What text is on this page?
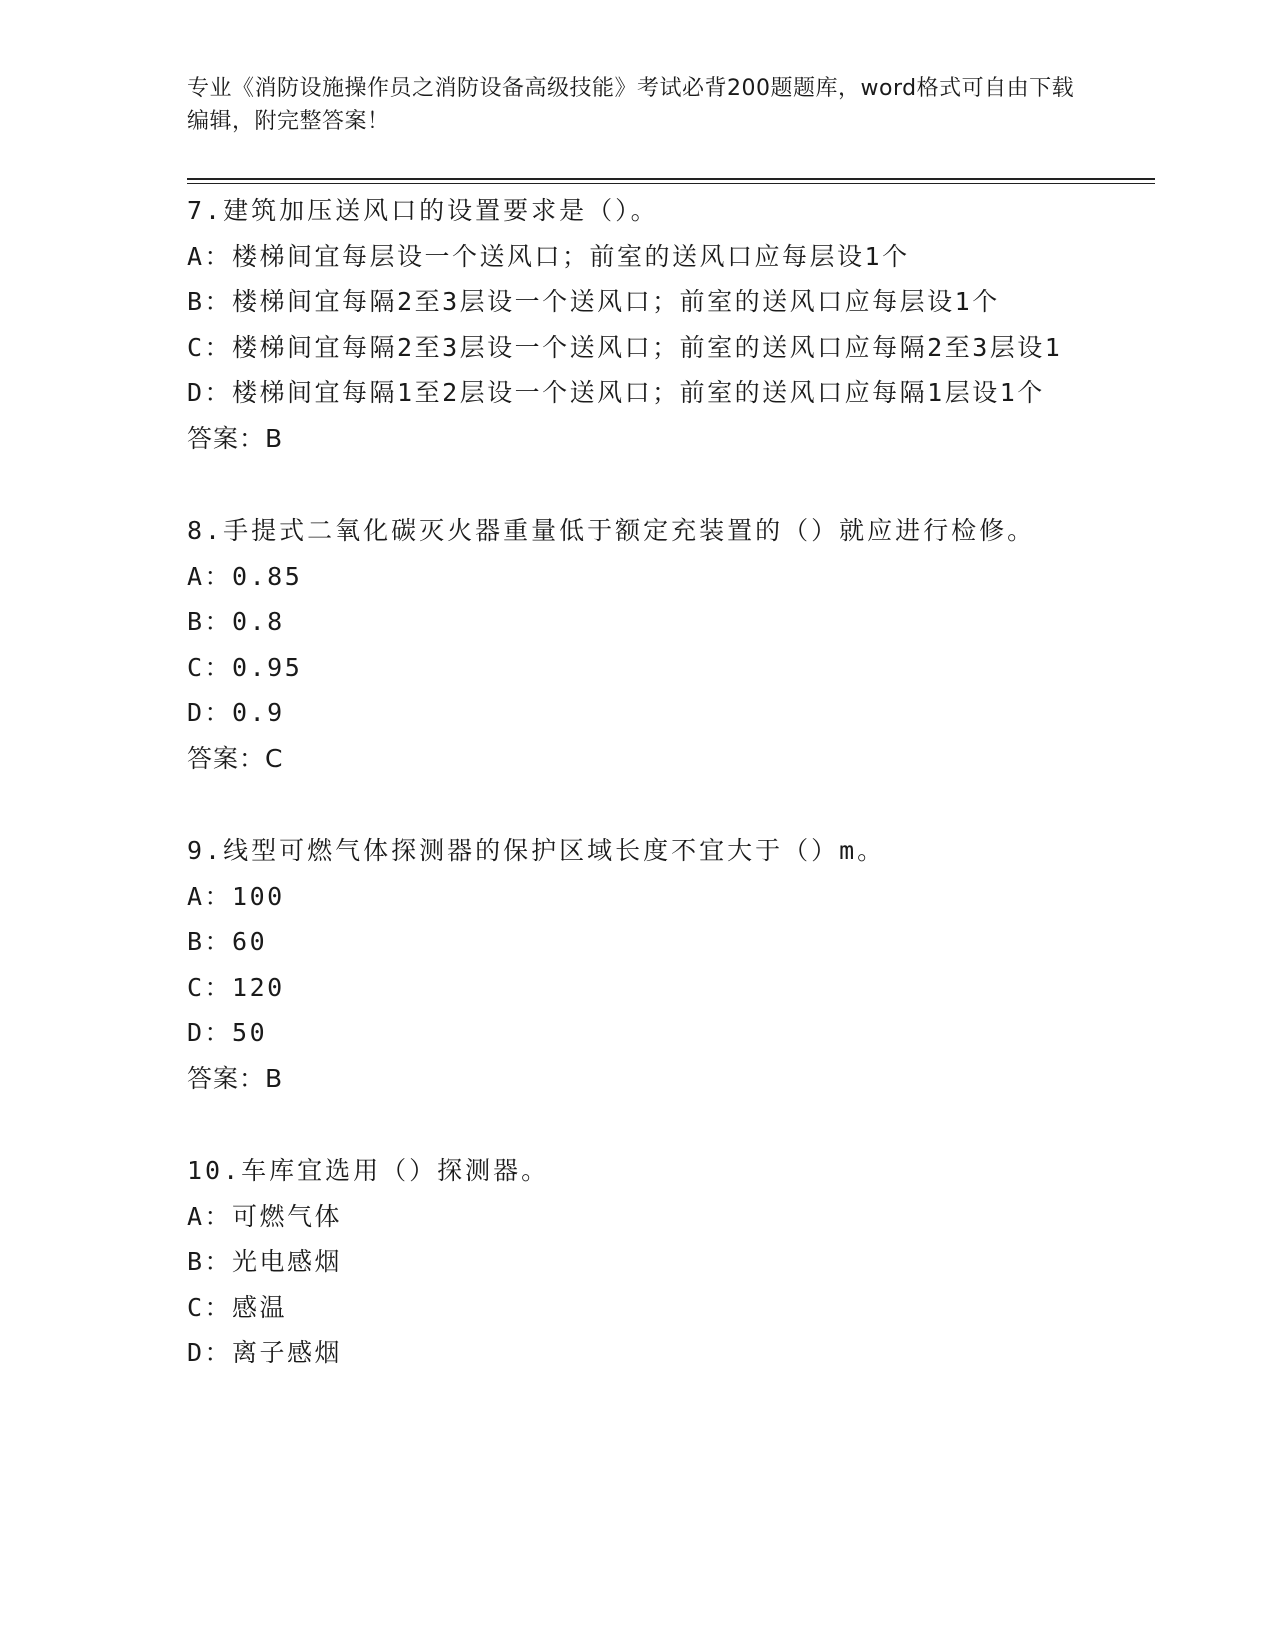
专业《消防设施操作员之消防设备高级技能》考试必背200题题库，word格式可自由下载编辑，附完整答案！
7.建筑加压送风口的设置要求是（）。
A：楼梯间宜每层设一个送风口；前室的送风口应每层设1个
B：楼梯间宜每隔2至3层设一个送风口；前室的送风口应每层设1个
C：楼梯间宜每隔2至3层设一个送风口；前室的送风口应每隔2至3层设1
D：楼梯间宜每隔1至2层设一个送风口；前室的送风口应每隔1层设1个
答案：B
8.手提式二氧化碳灭火器重量低于额定充装置的（）就应进行检修。
A：0.85
B：0.8
C：0.95
D：0.9
答案：C
9.线型可燃气体探测器的保护区域长度不宜大于（）m。
A：100
B：60
C：120
D：50
答案：B
10.车库宜选用（）探测器。
A：可燃气体
B：光电感烟
C：感温
D：离子感烟
